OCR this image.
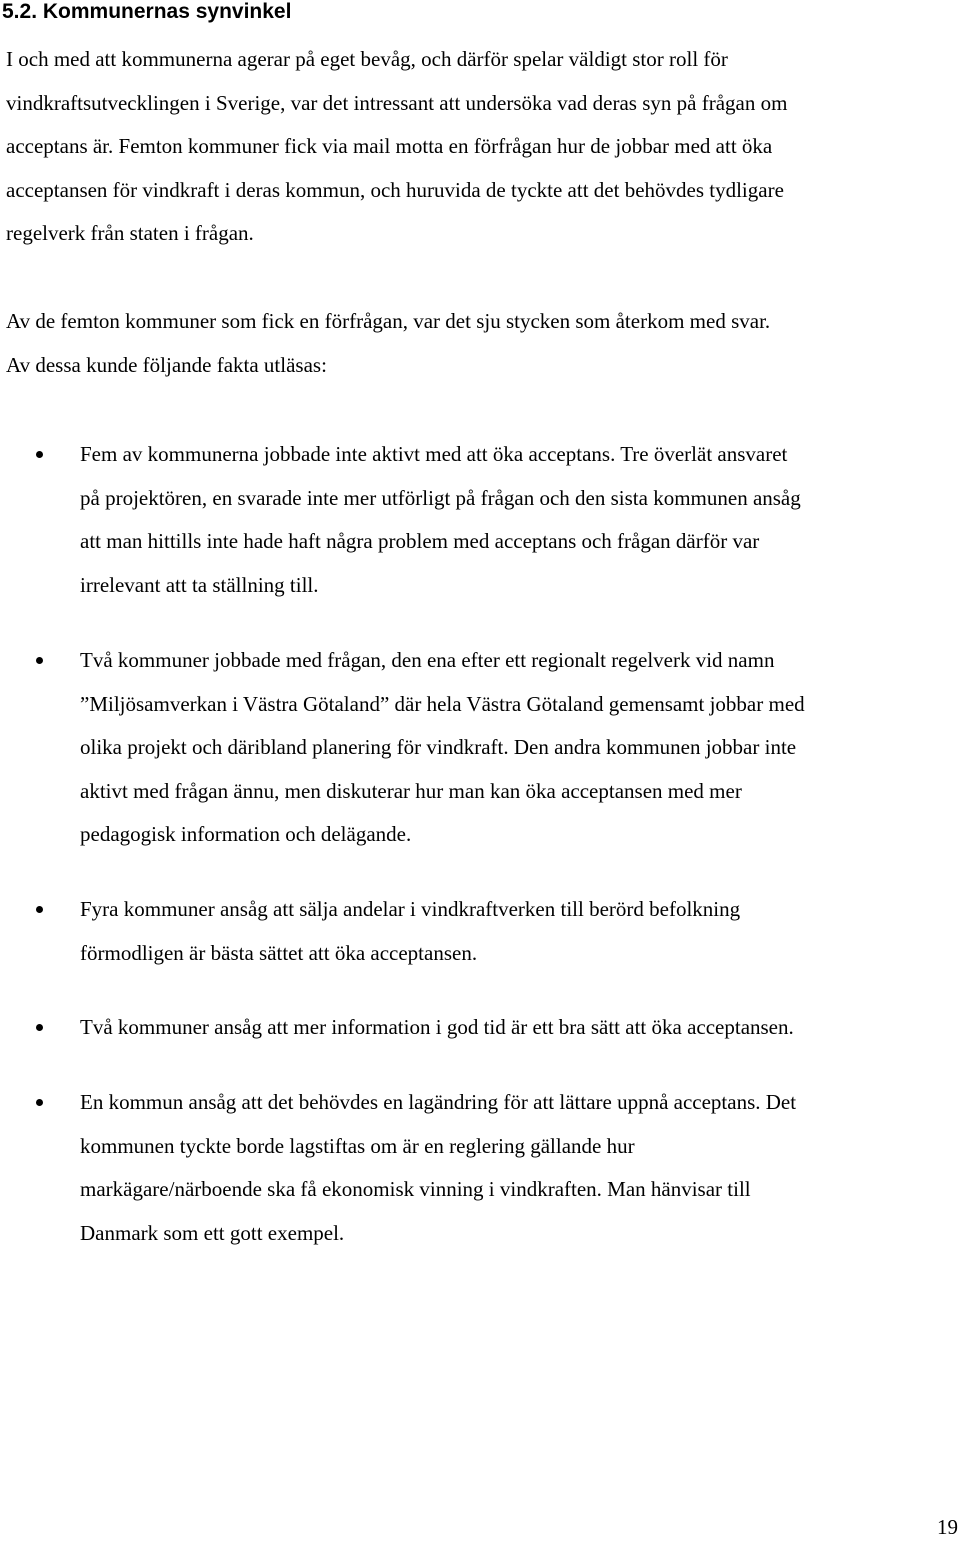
5.2. Kommunernas synvinkel
I och med att kommunerna agerar på eget bevåg, och därför spelar väldigt stor roll för
vindkraftsutvecklingen i Sverige, var det intressant att undersöka vad deras syn på frågan om
acceptans är. Femton kommuner fick via mail motta en förfrågan hur de jobbar med att öka
acceptansen för vindkraft i deras kommun, och huruvida de tyckte att det behövdes tydligare
regelverk från staten i frågan.
Av de femton kommuner som fick en förfrågan, var det sju stycken som återkom med svar.
Av dessa kunde följande fakta utläsas:
Fem av kommunerna jobbade inte aktivt med att öka acceptans. Tre överlät ansvaret
på projektören, en svarade inte mer utförligt på frågan och den sista kommunen ansåg
att man hittills inte hade haft några problem med acceptans och frågan därför var
irrelevant att ta ställning till.
Två kommuner jobbade med frågan, den ena efter ett regionalt regelverk vid namn
”Miljösamverkan i Västra Götaland” där hela Västra Götaland gemensamt jobbar med
olika projekt och däribland planering för vindkraft. Den andra kommunen jobbar inte
aktivt med frågan ännu, men diskuterar hur man kan öka acceptansen med mer
pedagogisk information och delägande.
Fyra kommuner ansåg att sälja andelar i vindkraftverken till berörd befolkning
förmodligen är bästa sättet att öka acceptansen.
Två kommuner ansåg att mer information i god tid är ett bra sätt att öka acceptansen.
En kommun ansåg att det behövdes en lagändring för att lättare uppnå acceptans. Det
kommunen tyckte borde lagstiftas om är en reglering gällande hur
markägare/närboende ska få ekonomisk vinning i vindkraften. Man hänvisar till
Danmark som ett gott exempel.
19
